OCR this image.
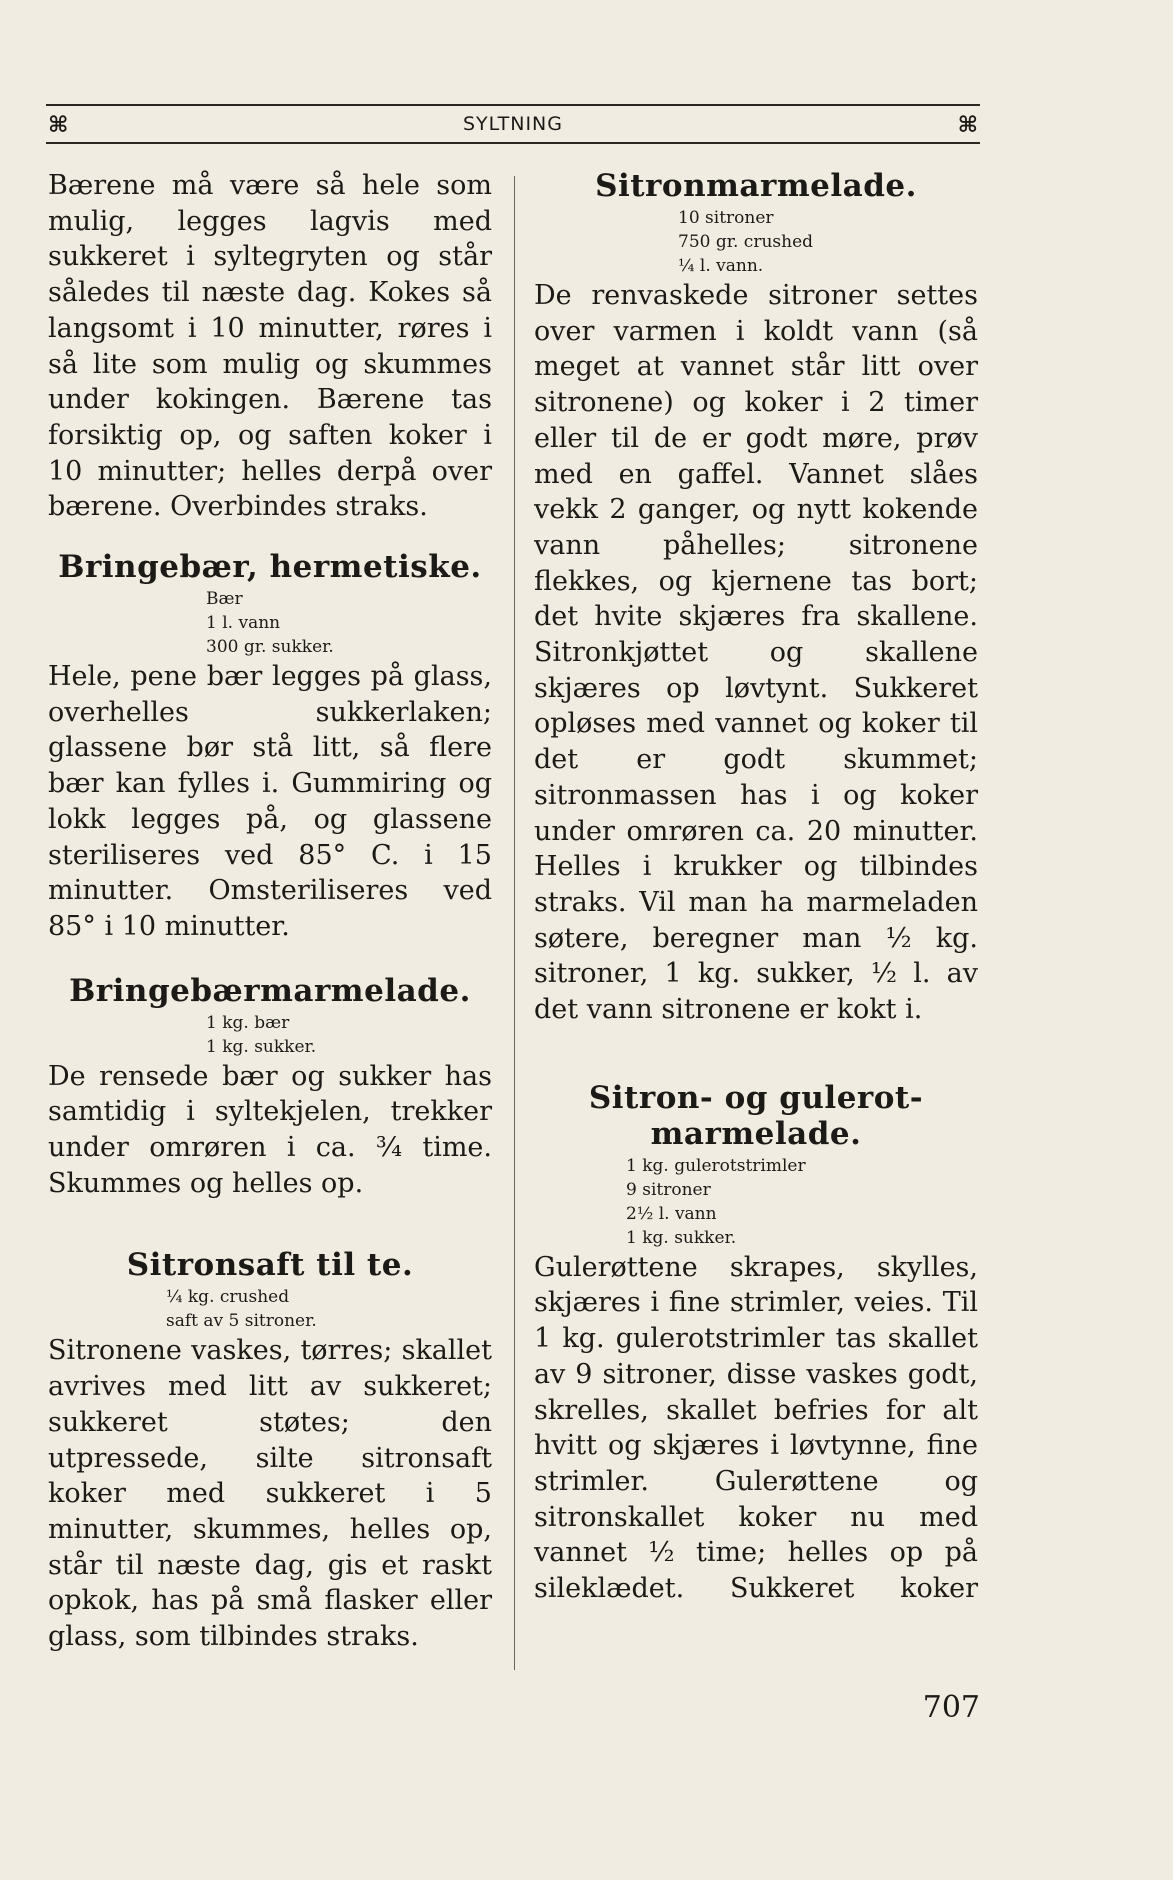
⌘	SYLTNING	⌘

Bærene må være så hele som mulig, legges lagvis med sukkeret i syltegryten og står således til næste dag. Kokes så langsomt i 10 minutter, røres i så lite som mulig og skummes under kokingen. Bærene tas forsiktig op, og saften koker i 10 minutter; helles derpå over bærene. Overbindes straks.

Bringebær, hermetiske.

Bær

1 l. vann

300 gr. sukker.

Hele, pene bær legges på glass, overhelles sukkerlaken; glassene bør stå litt, så flere bær kan fylles i. Gummiring og lokk legges på, og glassene steriliseres ved 85° C. i 15 minutter. Omsteriliseres ved 85° i 10 minutter.

Bringebærmarmelade.

1 kg. bær

1 kg. sukker.

De rensede bær og sukker has samtidig i syltekjelen, trekker under omrøren i ca. ¾ time. Skummes og helles op.

Sitronsaft til te.

¼ kg. crushed

saft av 5 sitroner.

Sitronene vaskes, tørres; skallet avrives med litt av sukkeret; sukkeret støtes; den utpressede, silte sitronsaft koker med sukkeret i 5 minutter, skummes, helles op, står til næste dag, gis et raskt opkok, has på små flasker eller glass, som tilbindes straks.

Sitronmarmelade.

10 sitroner

750 gr. crushed

¼ l. vann.

De renvaskede sitroner settes over varmen i koldt vann (så meget at vannet står litt over sitronene) og koker i 2 timer eller til de er godt møre, prøv med en gaffel. Vannet slåes vekk 2 ganger, og nytt kokende vann påhelles; sitronene flekkes, og kjernene tas bort; det hvite skjæres fra skallene. Sitronkjøttet og skallene skjæres op løvtynt. Sukkeret opløses med vannet og koker til det er godt skummet; sitronmassen has i og koker under omrøren ca. 20 minutter. Helles i krukker og tilbindes straks. Vil man ha marmeladen søtere, beregner man ½ kg. sitroner, 1 kg. sukker, ½ l. av det vann sitronene er kokt i.

Sitron- og gulerot-
marmelade.

1 kg. gulerotstrimler

9 sitroner

2½ l. vann

1 kg. sukker.

Gulerøttene skrapes, skylles, skjæres i fine strimler, veies. Til 1 kg. gulerotstrimler tas skallet av 9 sitroner, disse vaskes godt, skrelles, skallet befries for alt hvitt og skjæres i løvtynne, fine strimler. Gulerøttene og sitronskallet koker nu med vannet ½ time; helles op på sileklædet. Sukkeret koker

707
